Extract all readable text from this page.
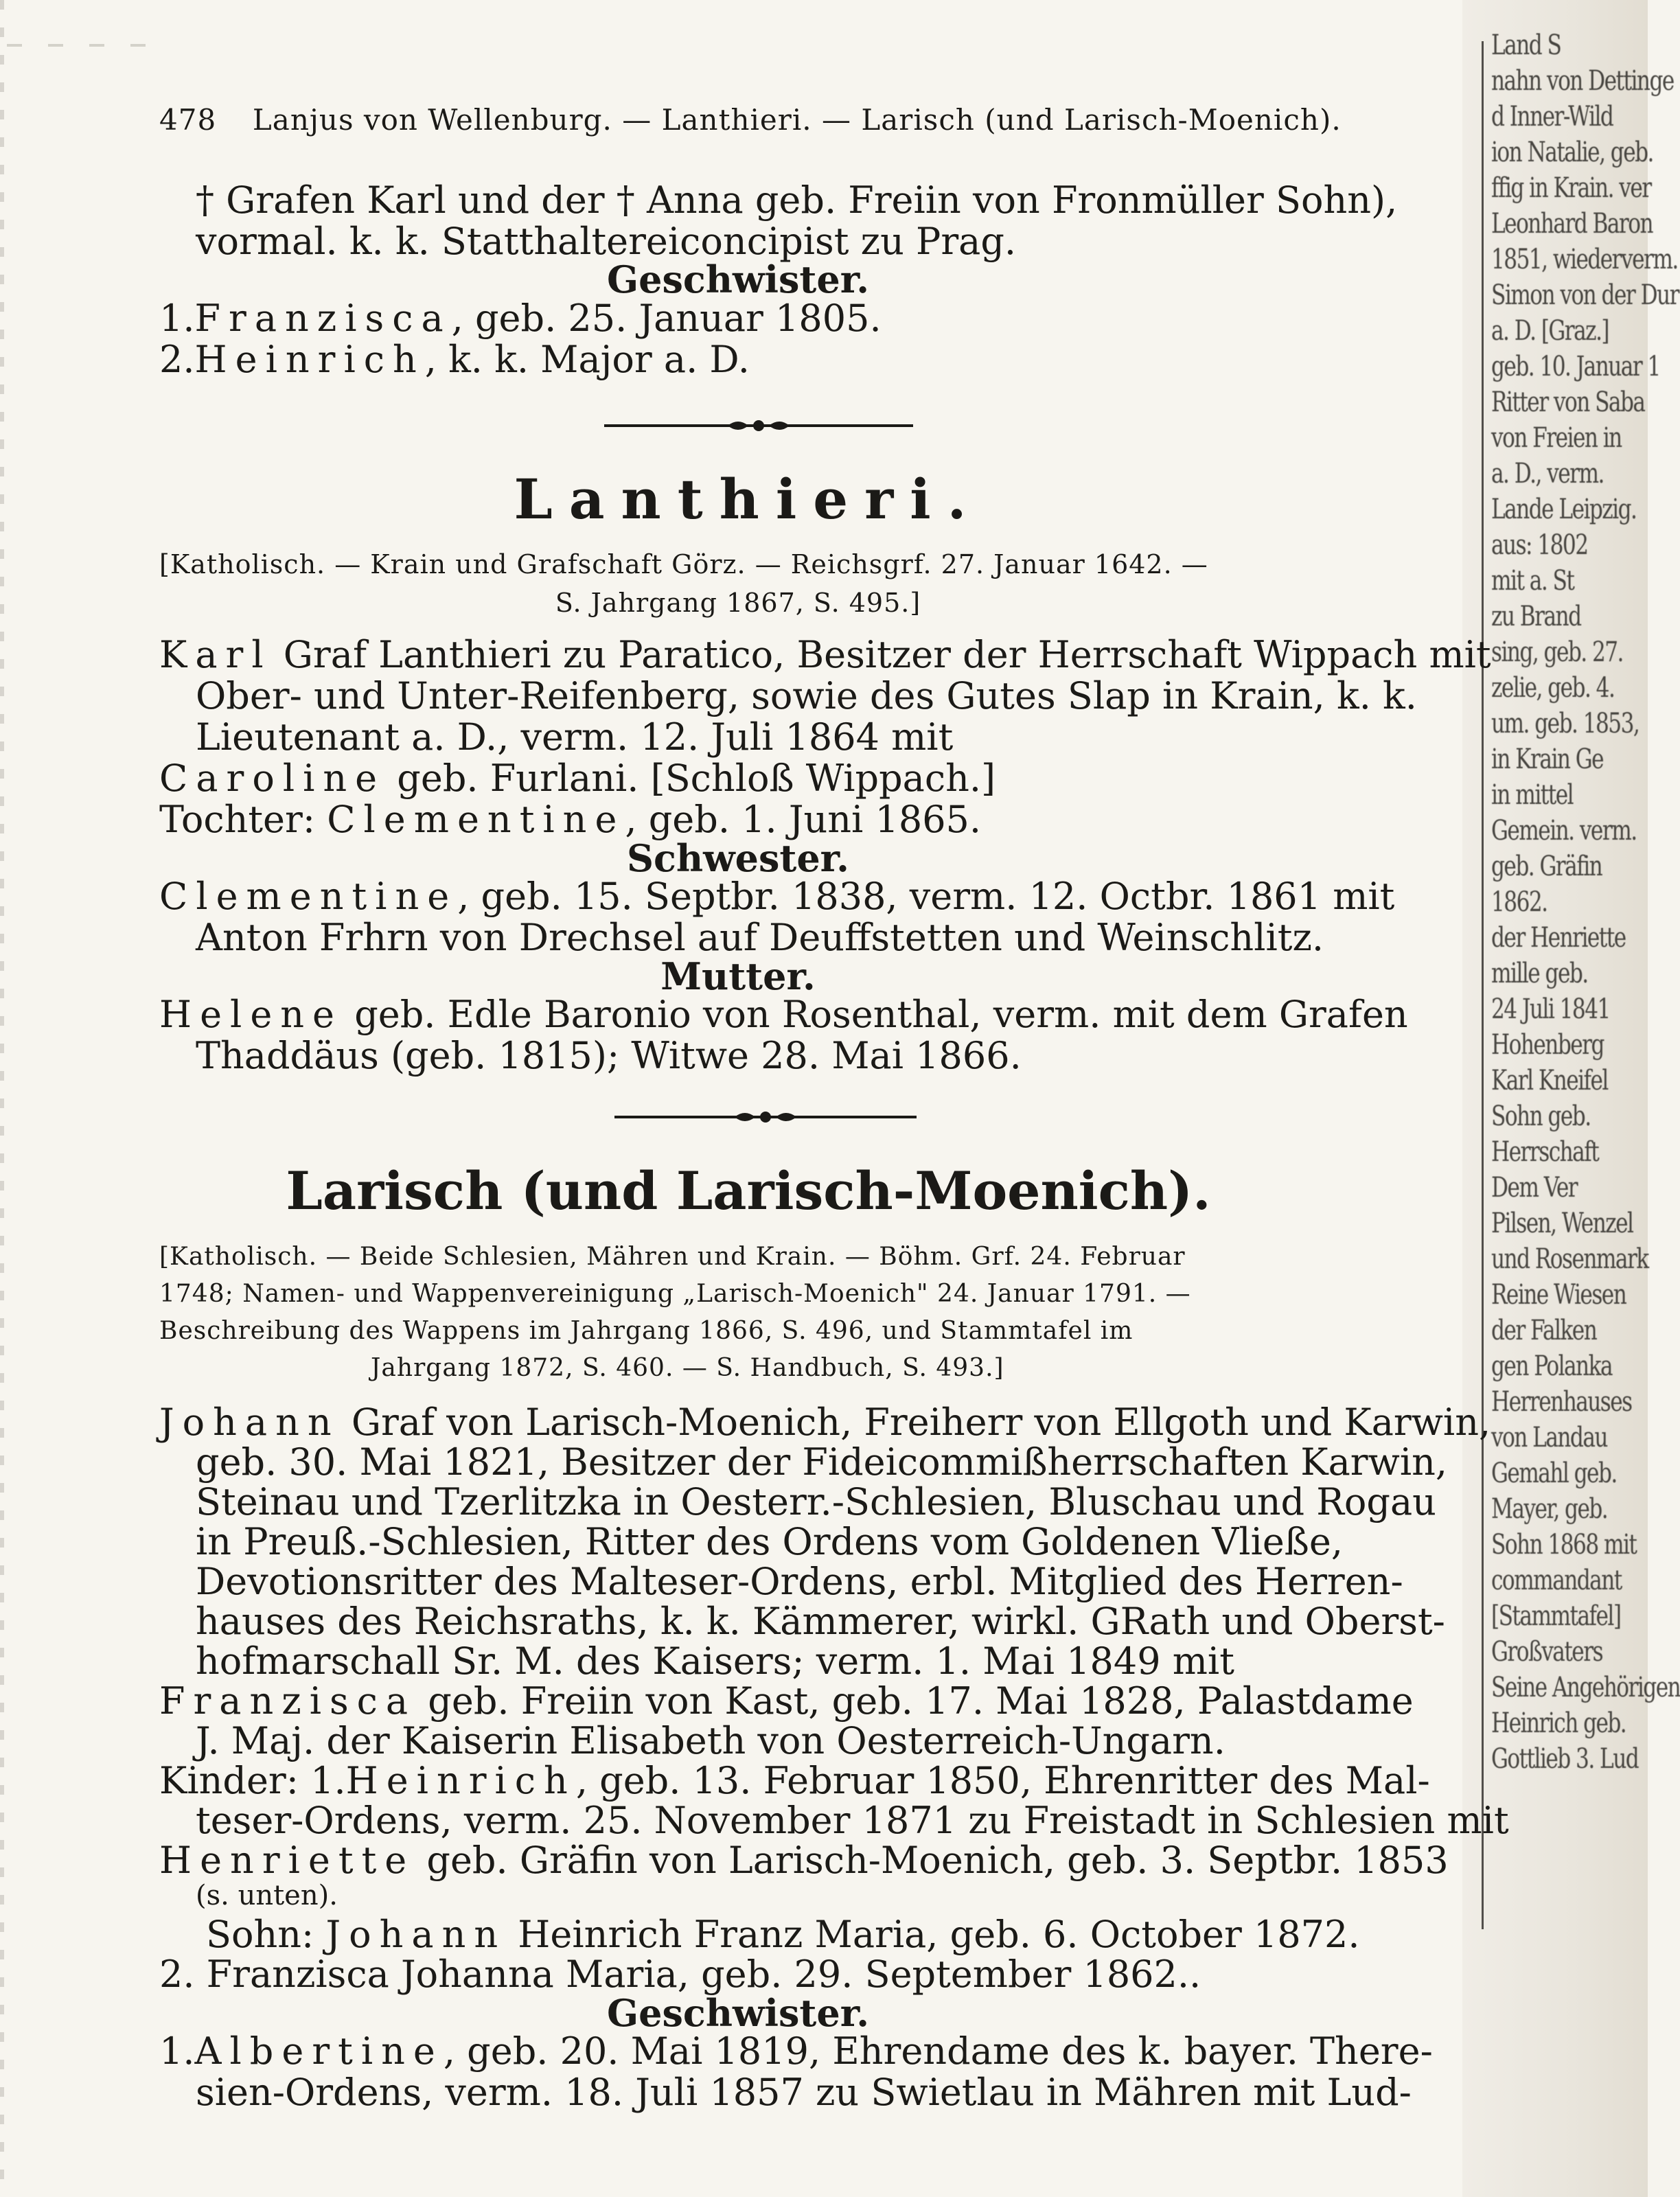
Land S
nahn von Dettinge
d Inner-Wild
ion Natalie, geb.
ffig in Krain. ver
Leonhard Baron
1851, wiederverm.
Simon von der Dur
a. D. [Graz.]
geb. 10. Januar 1
Ritter von Saba
von Freien in
a. D., verm.
Lande Leipzig.
aus: 1802
mit a. St
zu Brand
sing, geb. 27.
zelie, geb. 4.
um. geb. 1853,
in Krain Ge
in mittel
Gemein. verm.
geb. Gräfin
1862.
der Henriette
mille geb.
24 Juli 1841
Hohenberg
Karl Kneifel
Sohn geb.
Herrschaft
Dem Ver
Pilsen, Wenzel
und Rosenmark
Reine Wiesen
der Falken
gen Polanka
Herrenhauses
von Landau
Gemahl geb.
Mayer, geb.
Sohn 1868 mit
commandant
[Stammtafel]
Großvaters
Seine Angehörigen
Heinrich geb.
Gottlieb 3. Lud
478 Lanjus von Wellenburg. — Lanthieri. — Larisch (und Larisch-Moenich).
† Grafen Karl und der † Anna geb. Freiin von Fronmüller Sohn),
vormal. k. k. Statthaltereiconcipist zu Prag.
Geschwister.
1.Franzisca, geb. 25. Januar 1805.
2.Heinrich, k. k. Major a. D.
Lanthieri.
[Katholisch. — Krain und Grafschaft Görz. — Reichsgrf. 27. Januar 1642. —
S. Jahrgang 1867, S. 495.]
Karl Graf Lanthieri zu Paratico, Besitzer der Herrschaft Wippach mit
Ober- und Unter-Reifenberg, sowie des Gutes Slap in Krain, k. k.
Lieutenant a. D., verm. 12. Juli 1864 mit
Caroline geb. Furlani. [Schloß Wippach.]
Tochter: Clementine, geb. 1. Juni 1865.
Schwester.
Clementine, geb. 15. Septbr. 1838, verm. 12. Octbr. 1861 mit
Anton Frhrn von Drechsel auf Deuffstetten und Weinschlitz.
Mutter.
Helene geb. Edle Baronio von Rosenthal, verm. mit dem Grafen
Thaddäus (geb. 1815); Witwe 28. Mai 1866.
Larisch (und Larisch-Moenich).
[Katholisch. — Beide Schlesien, Mähren und Krain. — Böhm. Grf. 24. Februar
1748; Namen- und Wappenvereinigung „Larisch-Moenich" 24. Januar 1791. —
Beschreibung des Wappens im Jahrgang 1866, S. 496, und Stammtafel im
Jahrgang 1872, S. 460. — S. Handbuch, S. 493.]
Johann Graf von Larisch-Moenich, Freiherr von Ellgoth und Karwin,
geb. 30. Mai 1821, Besitzer der Fideicommißherrschaften Karwin,
Steinau und Tzerlitzka in Oesterr.-Schlesien, Bluschau und Rogau
in Preuß.-Schlesien, Ritter des Ordens vom Goldenen Vließe,
Devotionsritter des Malteser-Ordens, erbl. Mitglied des Herren-
hauses des Reichsraths, k. k. Kämmerer, wirkl. GRath und Oberst-
hofmarschall Sr. M. des Kaisers; verm. 1. Mai 1849 mit
Franzisca geb. Freiin von Kast, geb. 17. Mai 1828, Palastdame
J. Maj. der Kaiserin Elisabeth von Oesterreich-Ungarn.
Kinder: 1.Heinrich, geb. 13. Februar 1850, Ehrenritter des Mal-
teser-Ordens, verm. 25. November 1871 zu Freistadt in Schlesien mit
Henriette geb. Gräfin von Larisch-Moenich, geb. 3. Septbr. 1853
(s. unten).
Sohn: Johann Heinrich Franz Maria, geb. 6. October 1872.
2. Franzisca Johanna Maria, geb. 29. September 1862..
Geschwister.
1.Albertine, geb. 20. Mai 1819, Ehrendame des k. bayer. There-
sien-Ordens, verm. 18. Juli 1857 zu Swietlau in Mähren mit Lud-
